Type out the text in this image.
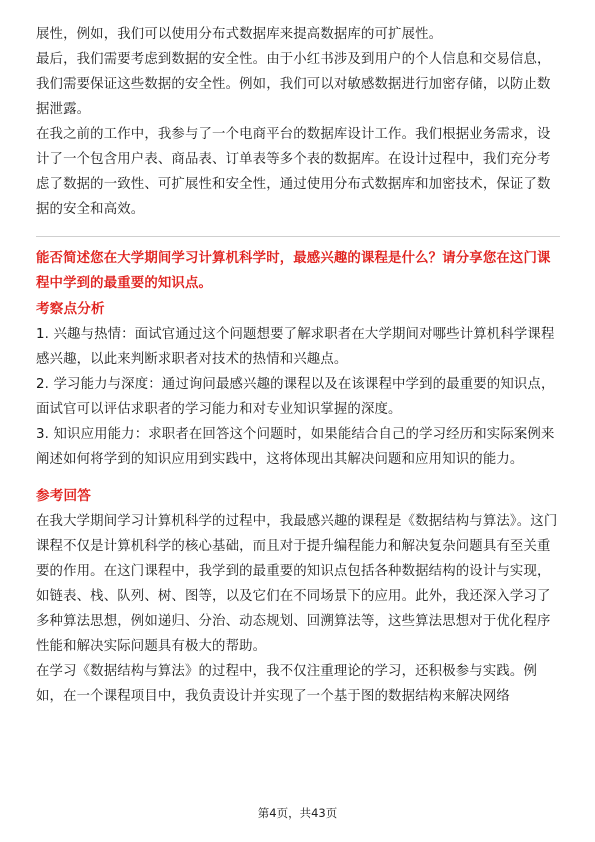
展性，例如，我们可以使用分布式数据库来提高数据库的可扩展性。

最后，我们需要考虑到数据的安全性。由于小红书涉及到用户的个人信息和交易信息，我们需要保证这些数据的安全性。例如，我们可以对敏感数据进行加密存储，以防止数据泄露。

在我之前的工作中，我参与了一个电商平台的数据库设计工作。我们根据业务需求，设计了一个包含用户表、商品表、订单表等多个表的数据库。在设计过程中，我们充分考虑了数据的一致性、可扩展性和安全性，通过使用分布式数据库和加密技术，保证了数据的安全和高效。

能否简述您在大学期间学习计算机科学时，最感兴趣的课程是什么？请分享您在这门课程中学到的最重要的知识点。

考察点分析

1. 兴趣与热情：面试官通过这个问题想要了解求职者在大学期间对哪些计算机科学课程感兴趣，以此来判断求职者对技术的热情和兴趣点。

2. 学习能力与深度：通过询问最感兴趣的课程以及在该课程中学到的最重要的知识点，面试官可以评估求职者的学习能力和对专业知识掌握的深度。

3. 知识应用能力：求职者在回答这个问题时，如果能结合自己的学习经历和实际案例来阐述如何将学到的知识应用到实践中，这将体现出其解决问题和应用知识的能力。

参考回答

在我大学期间学习计算机科学的过程中，我最感兴趣的课程是《数据结构与算法》。这门课程不仅是计算机科学的核心基础，而且对于提升编程能力和解决复杂问题具有至关重要的作用。在这门课程中，我学到的最重要的知识点包括各种数据结构的设计与实现，如链表、栈、队列、树、图等，以及它们在不同场景下的应用。此外，我还深入学习了多种算法思想，例如递归、分治、动态规划、回溯算法等，这些算法思想对于优化程序性能和解决实际问题具有极大的帮助。

在学习《数据结构与算法》的过程中，我不仅注重理论的学习，还积极参与实践。例如，在一个课程项目中，我负责设计并实现了一个基于图的数据结构来解决网络

第4页，共43页
